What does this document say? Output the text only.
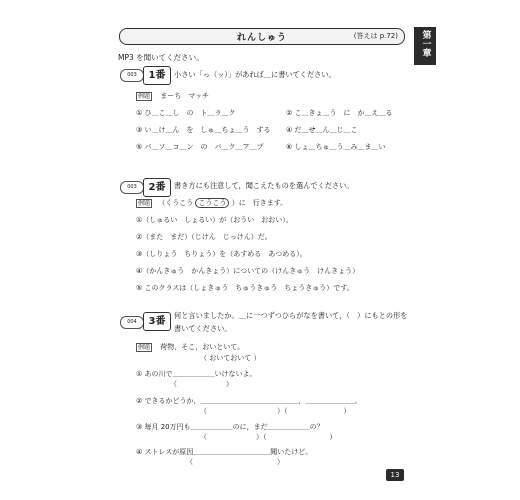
れんしゅう	(答えは p.72)	第一章
MP3 を聞いてください。
003	1番	小さい「っ（ッ）」があれば＿に書いてください。
例題 まーち　マッチ
① ひ＿こ＿し　の　ト＿ラ＿ク	② こ＿きょ＿う　に　か＿え＿る
③ い＿け＿ん　を　しゅ＿ちょ＿う　する ④ だ＿せ＿ん＿じ＿こ
⑤ パ＿ソ＿コ＿ン　の　バ＿ク＿ア＿プ	⑥ しょ＿ちゅ＿う＿み＿ま＿い
003	2番	書き方にも注意して，聞こえたものを選んでください。
例題 （くうこう こうこう ）に　行きます。
①（しゅるい　しょるい）が（おうい　おおい）。
②（また　まだ）（じけん　じっけん）だ。
③（しりょう　ちりょう）を（あすめる　あつめる）。
④（かんきゅう　かんきょう）についての（けんきゅう　けんきょう）
⑤ このクラスは（しょきゅう　ちゅうきゅう　ちょうきゅう）です。
004	3番
何と言いましたか。＿に一つずつひらがなを書いて，（　）にもとの形を
書いてください。
例題 荷物，そこ，おいといて。
（ おいておいて ）
① あの川で＿＿＿＿＿＿いけないよ。
（　　　　　　　）
② できるかどうか，＿＿＿＿＿＿＿＿＿＿＿＿＿＿，＿＿＿＿＿＿＿。
（　　　　　　　　　　）（　　　　　　　　）
③ 毎月 20万円も＿＿＿＿＿＿のに，まだ＿＿＿＿＿＿の？
（　　　　　　　）（　　　　　　　　　）
④ ストレスが原因＿＿＿＿＿＿＿＿＿＿＿聞いたけど。
（　　　　　　　　　　　　）
13
